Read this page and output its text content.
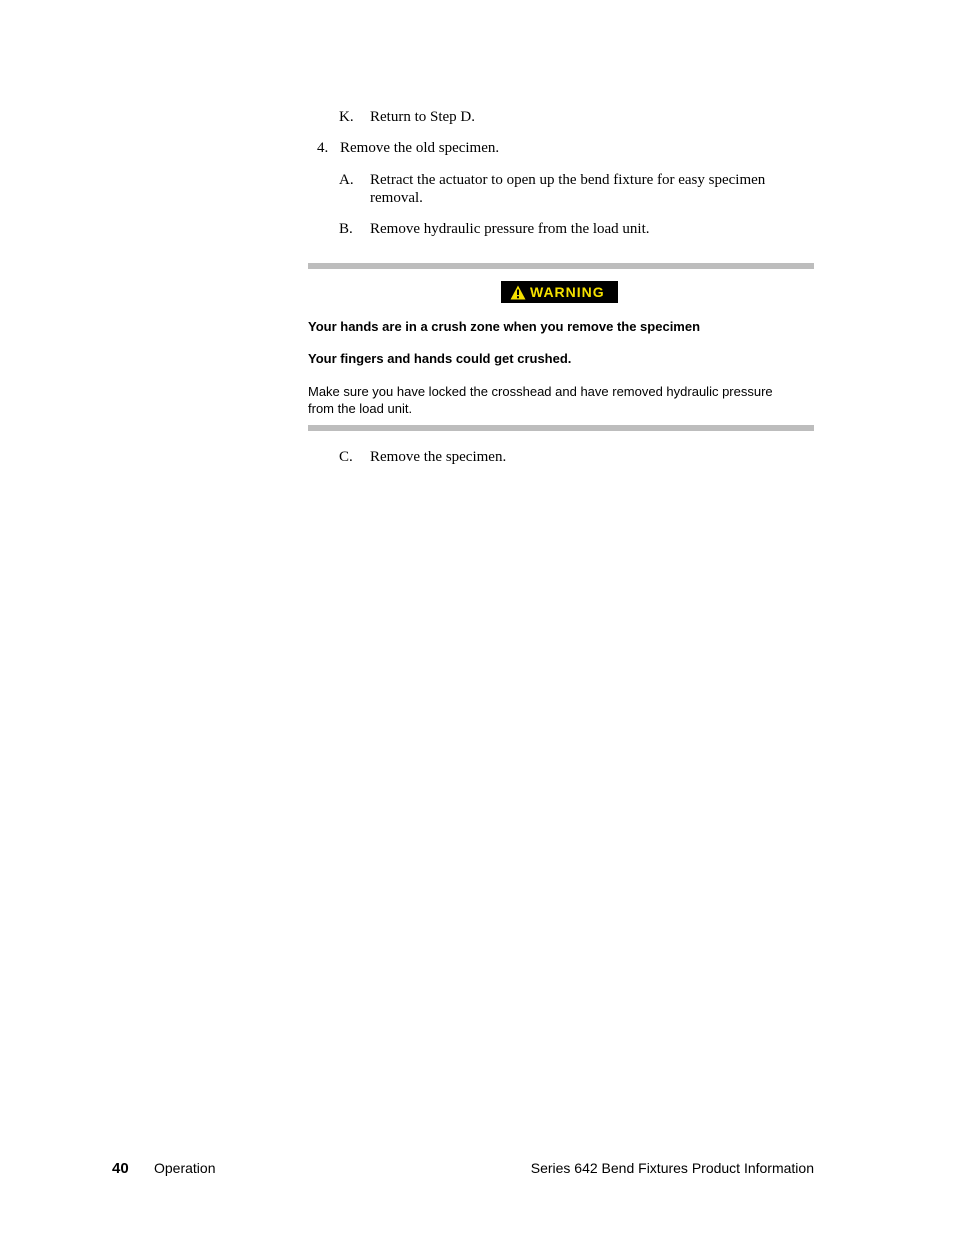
K. Return to Step D.
4. Remove the old specimen.
A. Retract the actuator to open up the bend fixture for easy specimen
removal.
B. Remove hydraulic pressure from the load unit.
WARNING
Your hands are in a crush zone when you remove the specimen
Your fingers and hands could get crushed.
Make sure you have locked the crosshead and have removed hydraulic pressure
from the load unit.
C. Remove the specimen.
40 Operation	Series 642 Bend Fixtures Product Information
